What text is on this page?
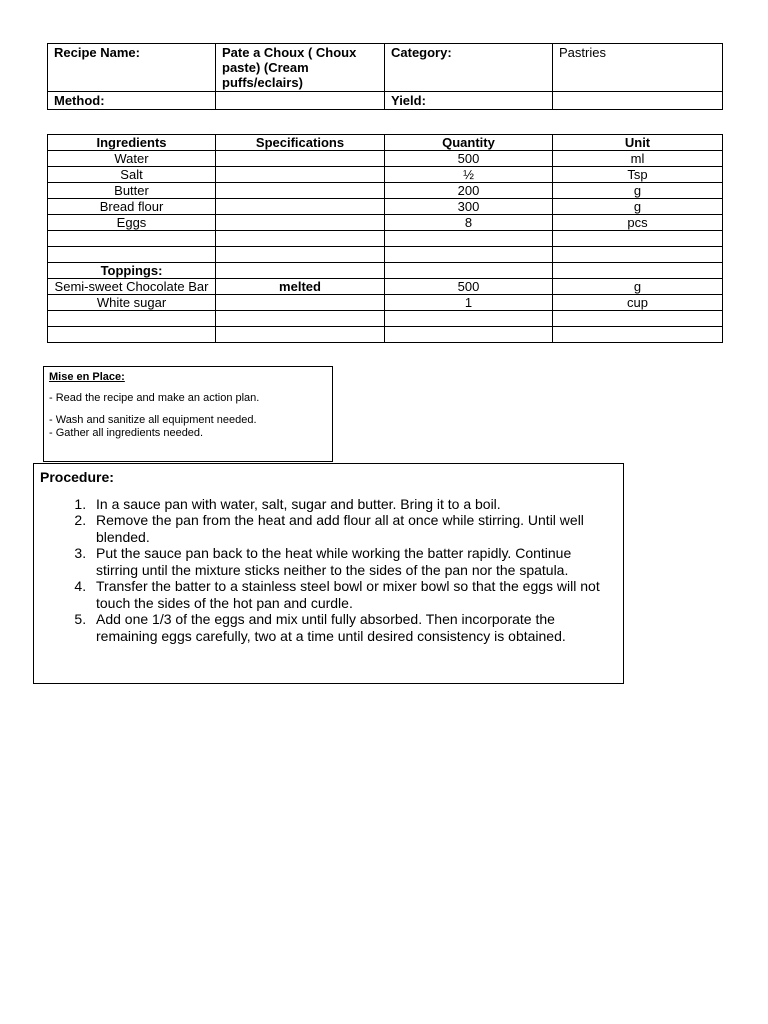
Recipe Name:	Pate a Choux ( Choux paste) (Cream puffs/eclairs)	Category:	Pastries
Method:		Yield:	
Ingredients	Specifications	Quantity	Unit
Water		500	ml
Salt		½	Tsp
Butter		200	g
Bread flour		300	g
Eggs		8	pcs

Toppings:			
Semi-sweet Chocolate Bar	melted	500	g
White sugar		1	cup

Mise en Place:

- Read the recipe and make an action plan.

- Wash and sanitize all equipment needed.

- Gather all ingredients needed.

Procedure:
1. In a sauce pan with water, salt, sugar and butter. Bring it to a boil.
2. Remove the pan from the heat and add flour all at once while stirring. Until well blended.
3. Put the sauce pan back to the heat while working the batter rapidly. Continue stirring until the mixture sticks neither to the sides of the pan nor the spatula.
4. Transfer the batter to a stainless steel bowl or mixer bowl so that the eggs will not touch the sides of the hot pan and curdle.
5. Add one 1/3 of the eggs and mix until fully absorbed. Then incorporate the remaining eggs carefully, two at a time until desired consistency is obtained.
